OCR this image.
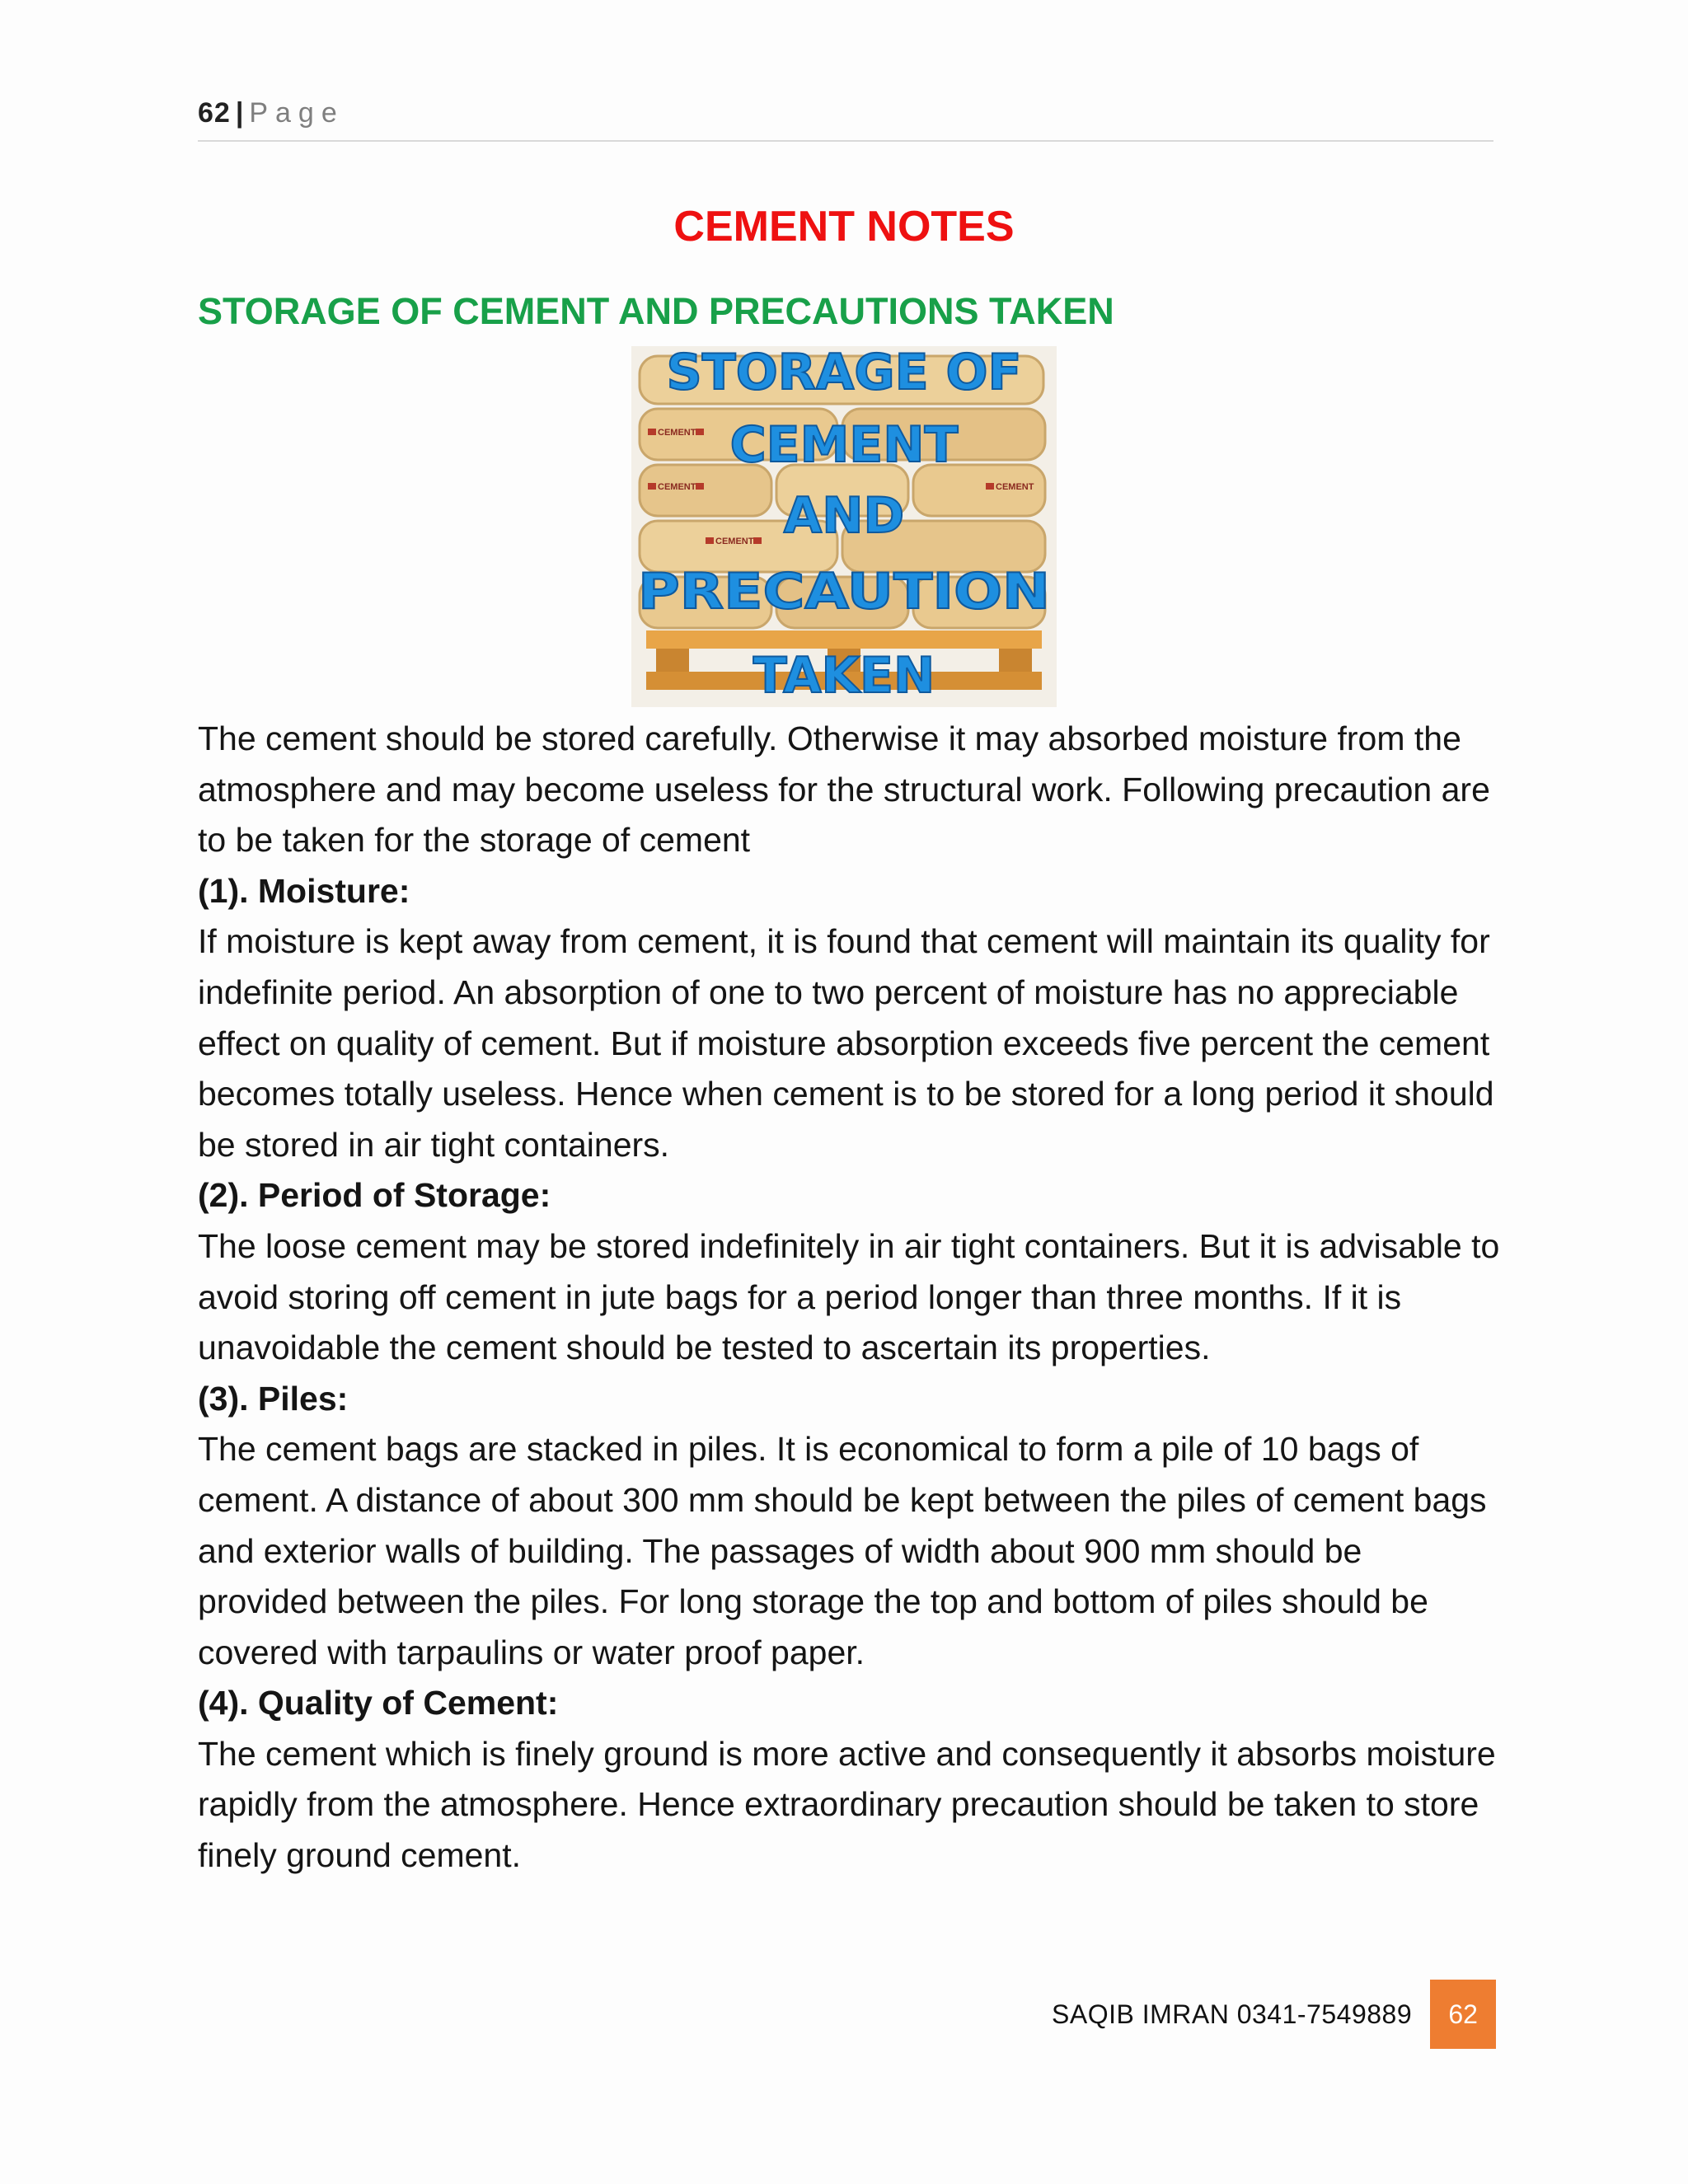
62 | Page
CEMENT NOTES
STORAGE OF CEMENT AND PRECAUTIONS TAKEN
CEMENT
CEMENT	CEMENT
CEMENT
STORAGE OF
CEMENT
AND
PRECAUTION
TAKEN

The cement should be stored carefully. Otherwise it may absorbed moisture from the atmosphere and may become useless for the structural work. Following precaution are to be taken for the storage of cement

(1). Moisture:

If moisture is kept away from cement, it is found that cement will maintain its quality for indefinite period. An absorption of one to two percent of moisture has no appreciable effect on quality of cement. But if moisture absorption exceeds five percent the cement becomes totally useless. Hence when cement is to be stored for a long period it should be stored in air tight containers.

(2). Period of Storage:

The loose cement may be stored indefinitely in air tight containers. But it is advisable to avoid storing off cement in jute bags for a period longer than three months. If it is unavoidable the cement should be tested to ascertain its properties.

(3). Piles:

The cement bags are stacked in piles. It is economical to form a pile of 10 bags of cement. A distance of about 300 mm should be kept between the piles of cement bags and exterior walls of building. The passages of width about 900 mm should be provided between the piles. For long storage the top and bottom of piles should be covered with tarpaulins or water proof paper.

(4). Quality of Cement:

The cement which is finely ground is more active and consequently it absorbs moisture rapidly from the atmosphere. Hence extraordinary precaution should be taken to store finely ground cement.

SAQIB IMRAN 0341-7549889	62
